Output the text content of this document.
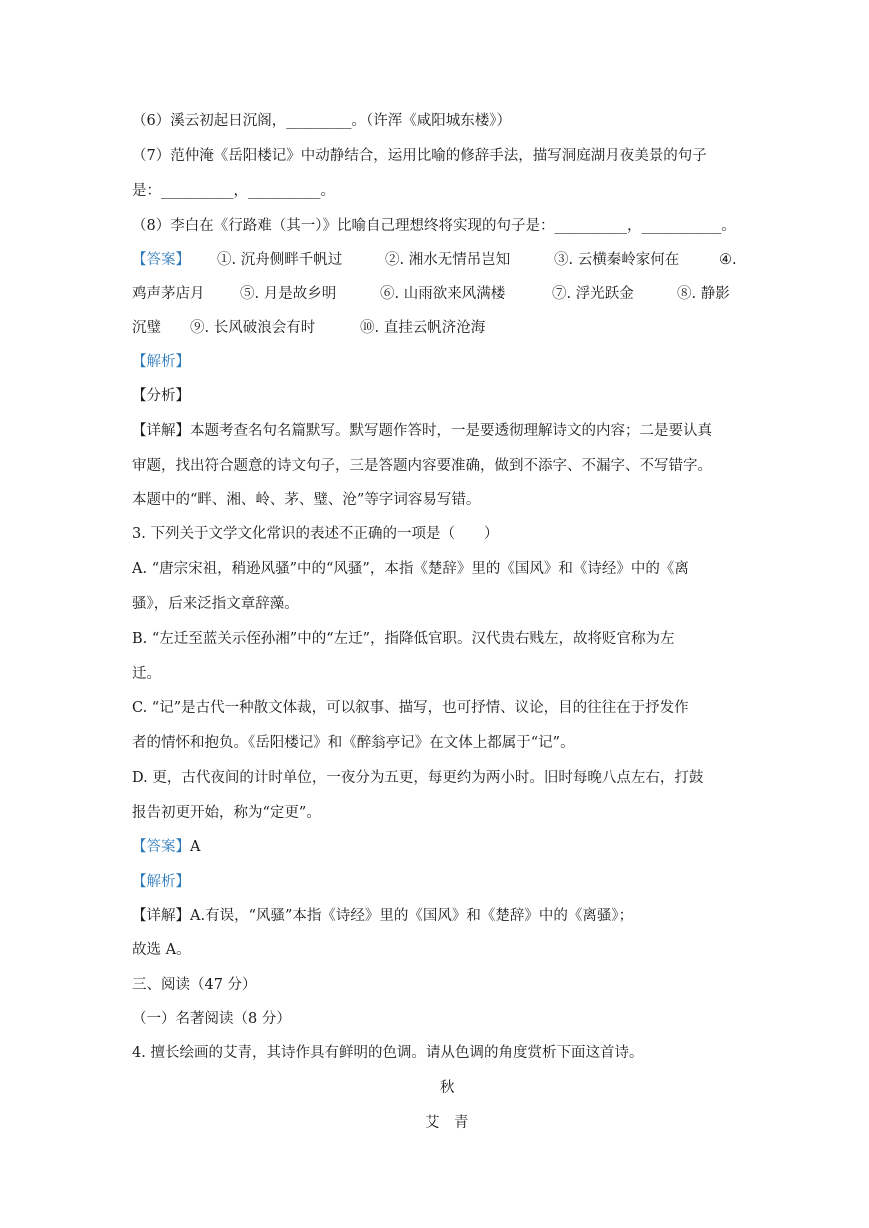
（6）溪云初起日沉阁，_________。（许浑《咸阳城东楼》）
（7）范仲淹《岳阳楼记》中动静结合，运用比喻的修辞手法，描写洞庭湖月夜美景的句子
是：__________，__________。
（8）李白在《行路难（其一）》比喻自己理想终将实现的句子是：__________，___________。
【答案】 ①. 沉舟侧畔千帆过	②. 湘水无情吊岂知	③. 云横秦岭家何在	④.
鸡声茅店月 ⑤. 月是故乡明	⑥. 山雨欲来风满楼	⑦. 浮光跃金	⑧. 静影
沉璧 ⑨. 长风破浪会有时	⑩. 直挂云帆济沧海
【解析】
【分析】
【详解】本题考查名句名篇默写。默写题作答时，一是要透彻理解诗文的内容；二是要认真
审题，找出符合题意的诗文句子，三是答题内容要准确，做到不添字、不漏字、不写错字。
本题中的“畔、湘、岭、茅、璧、沧”等字词容易写错。
3. 下列关于文学文化常识的表述不正确的一项是（　　）
A. “唐宗宋祖，稍逊风骚”中的“风骚”，本指《楚辞》里的《国风》和《诗经》中的《离
骚》，后来泛指文章辞藻。
B. “左迁至蓝关示侄孙湘”中的“左迁”，指降低官职。汉代贵右贱左，故将贬官称为左
迁。
C. “记”是古代一种散文体裁，可以叙事、描写，也可抒情、议论，目的往往在于抒发作
者的情怀和抱负。《岳阳楼记》和《醉翁亭记》在文体上都属于“记”。
D. 更，古代夜间的计时单位，一夜分为五更，每更约为两小时。旧时每晚八点左右，打鼓
报告初更开始，称为“定更”。
【答案】A
【解析】
【详解】A.有误，“风骚”本指《诗经》里的《国风》和《楚辞》中的《离骚》；
故选 A。
三、阅读（47 分）
（一）名著阅读（8 分）
4. 擅长绘画的艾青，其诗作具有鲜明的色调。请从色调的角度赏析下面这首诗。
秋
艾　青
